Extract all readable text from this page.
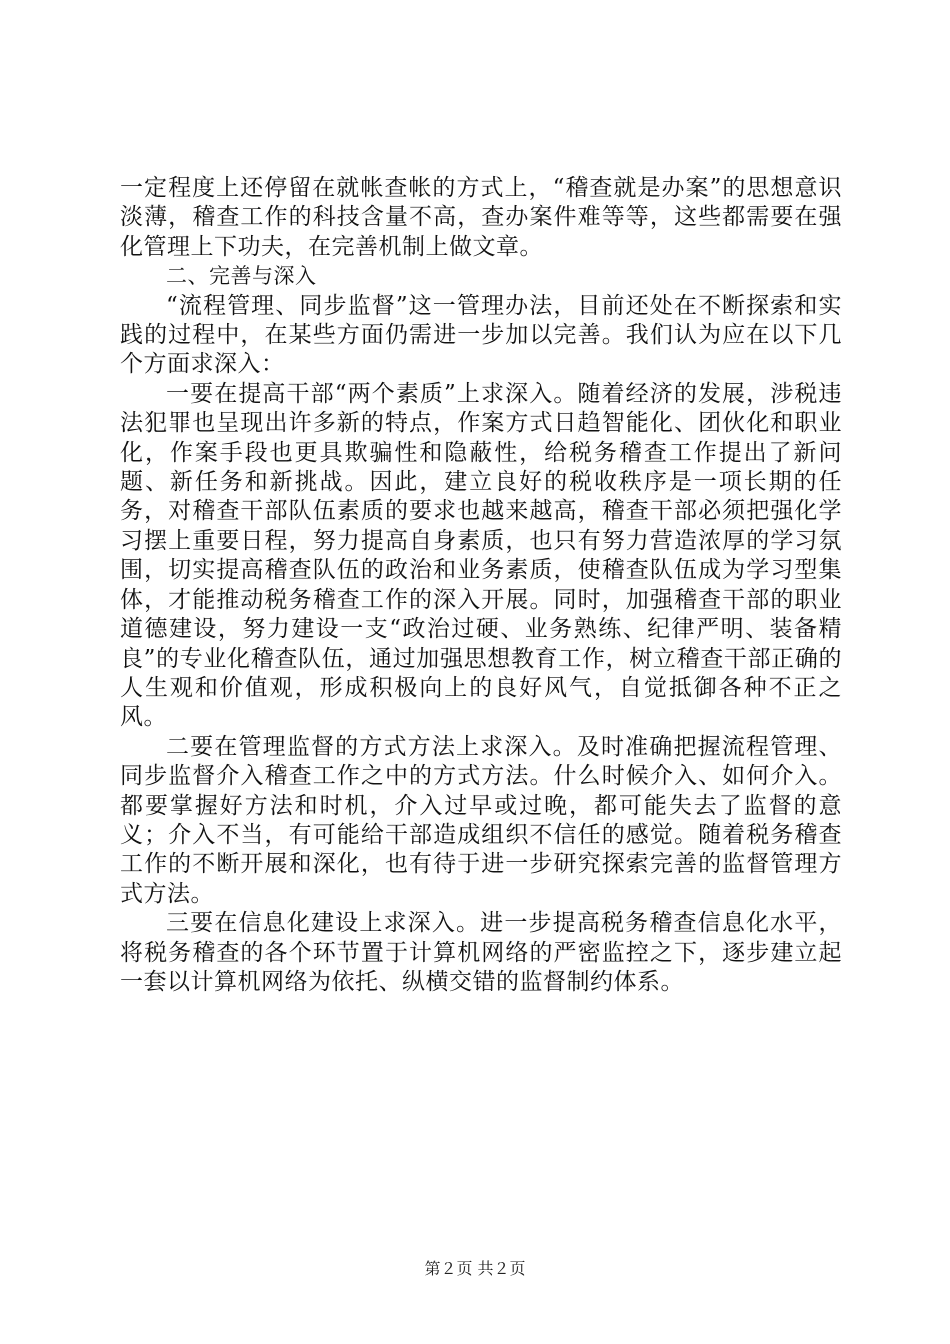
一定程度上还停留在就帐查帐的方式上，“稽查就是办案”的思想意识淡薄，稽查工作的科技含量不高，查办案件难等等，这些都需要在强化管理上下功夫，在完善机制上做文章。

二、完善与深入

“流程管理、同步监督”这一管理办法，目前还处在不断探索和实践的过程中，在某些方面仍需进一步加以完善。我们认为应在以下几个方面求深入：

一要在提高干部“两个素质”上求深入。随着经济的发展，涉税违法犯罪也呈现出许多新的特点，作案方式日趋智能化、团伙化和职业化，作案手段也更具欺骗性和隐蔽性，给税务稽查工作提出了新问题、新任务和新挑战。因此，建立良好的税收秩序是一项长期的任务，对稽查干部队伍素质的要求也越来越高，稽查干部必须把强化学习摆上重要日程，努力提高自身素质，也只有努力营造浓厚的学习氛围，切实提高稽查队伍的政治和业务素质，使稽查队伍成为学习型集体，才能推动税务稽查工作的深入开展。同时，加强稽查干部的职业道德建设，努力建设一支“政治过硬、业务熟练、纪律严明、装备精良”的专业化稽查队伍，通过加强思想教育工作，树立稽查干部正确的人生观和价值观，形成积极向上的良好风气，自觉抵御各种不正之风。

二要在管理监督的方式方法上求深入。及时准确把握流程管理、同步监督介入稽查工作之中的方式方法。什么时候介入、如何介入。都要掌握好方法和时机，介入过早或过晚，都可能失去了监督的意义；介入不当，有可能给干部造成组织不信任的感觉。随着税务稽查工作的不断开展和深化，也有待于进一步研究探索完善的监督管理方式方法。

三要在信息化建设上求深入。进一步提高税务稽查信息化水平，将税务稽查的各个环节置于计算机网络的严密监控之下，逐步建立起一套以计算机网络为依托、纵横交错的监督制约体系。

第２页 共２页
